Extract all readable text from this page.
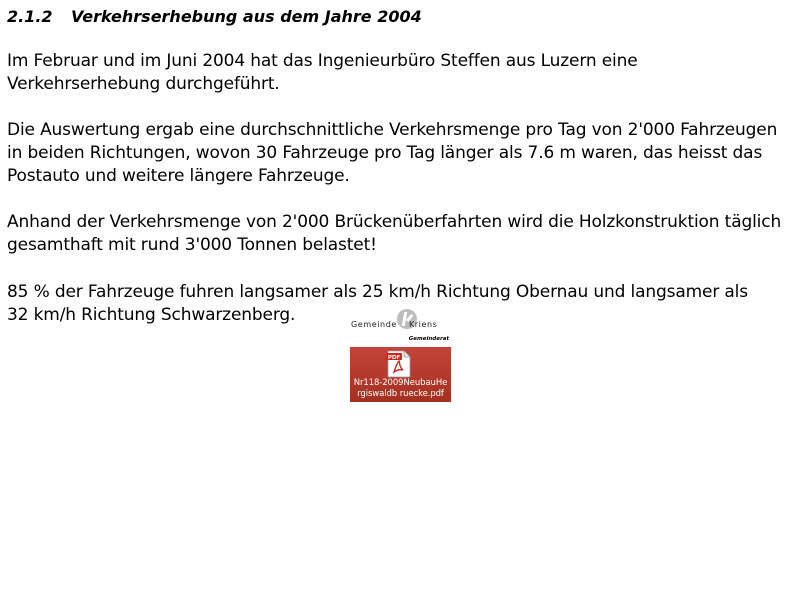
2.1.2 Verkehrserhebung aus dem Jahre 2004

Im Februar und im Juni 2004 hat das Ingenieurbüro Steffen aus Luzern eine
Verkehrserhebung durchgeführt.

Die Auswertung ergab eine durchschnittliche Verkehrsmenge pro Tag von 2'000 Fahrzeugen
in beiden Richtungen, wovon 30 Fahrzeuge pro Tag länger als 7.6 m waren, das heisst das
Postauto und weitere längere Fahrzeuge.

Anhand der Verkehrsmenge von 2'000 Brückenüberfahrten wird die Holzkonstruktion täglich
gesamthaft mit rund 3'000 Tonnen belastet!

85 % der Fahrzeuge fuhren langsamer als 25 km/h Richtung Obernau und langsamer als
32 km/h Richtung Schwarzenberg.	Gemeinde Kriens
Gemeinderat
PDF
Nr118-2009NeubauHe
rgiswaldb ruecke.pdf
